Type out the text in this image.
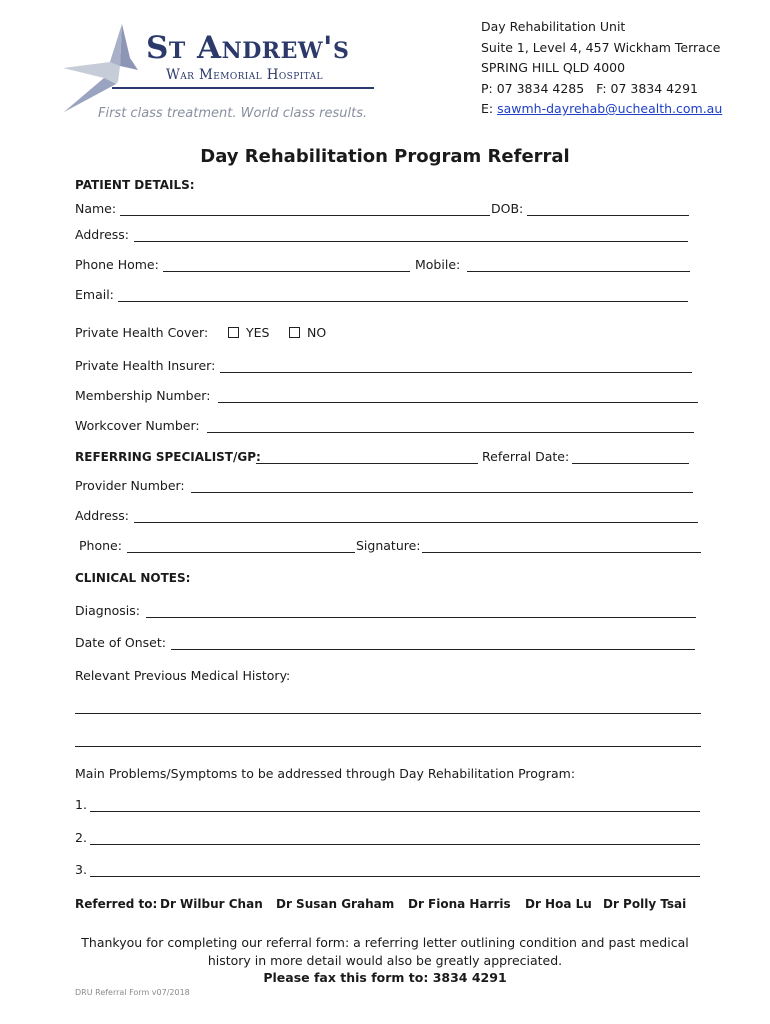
St Andrew's
War Memorial Hospital
First class treatment. World class results.
Day Rehabilitation Unit
Suite 1, Level 4, 457 Wickham Terrace
SPRING HILL QLD 4000
P: 07 3834 4285   F: 07 3834 4291
E: sawmh-dayrehab@uchealth.com.au
Day Rehabilitation Program Referral
PATIENT DETAILS:
Name:	DOB:
Address:
Phone Home:	Mobile:
Email:
Private Health Cover:	YES	NO
Private Health Insurer:
Membership Number:
Workcover Number:
REFERRING SPECIALIST/GP:	Referral Date:
Provider Number:
Address:
Phone:	Signature:
CLINICAL NOTES:
Diagnosis:
Date of Onset:
Relevant Previous Medical History:
Main Problems/Symptoms to be addressed through Day Rehabilitation Program:
1.
2.
3.
Referred to: Dr Wilbur Chan Dr Susan Graham Dr Fiona Harris Dr Hoa Lu Dr Polly Tsai
Thankyou for completing our referral form: a referring letter outlining condition and past medical
history in more detail would also be greatly appreciated.
Please fax this form to: 3834 4291
DRU Referral Form v07/2018
